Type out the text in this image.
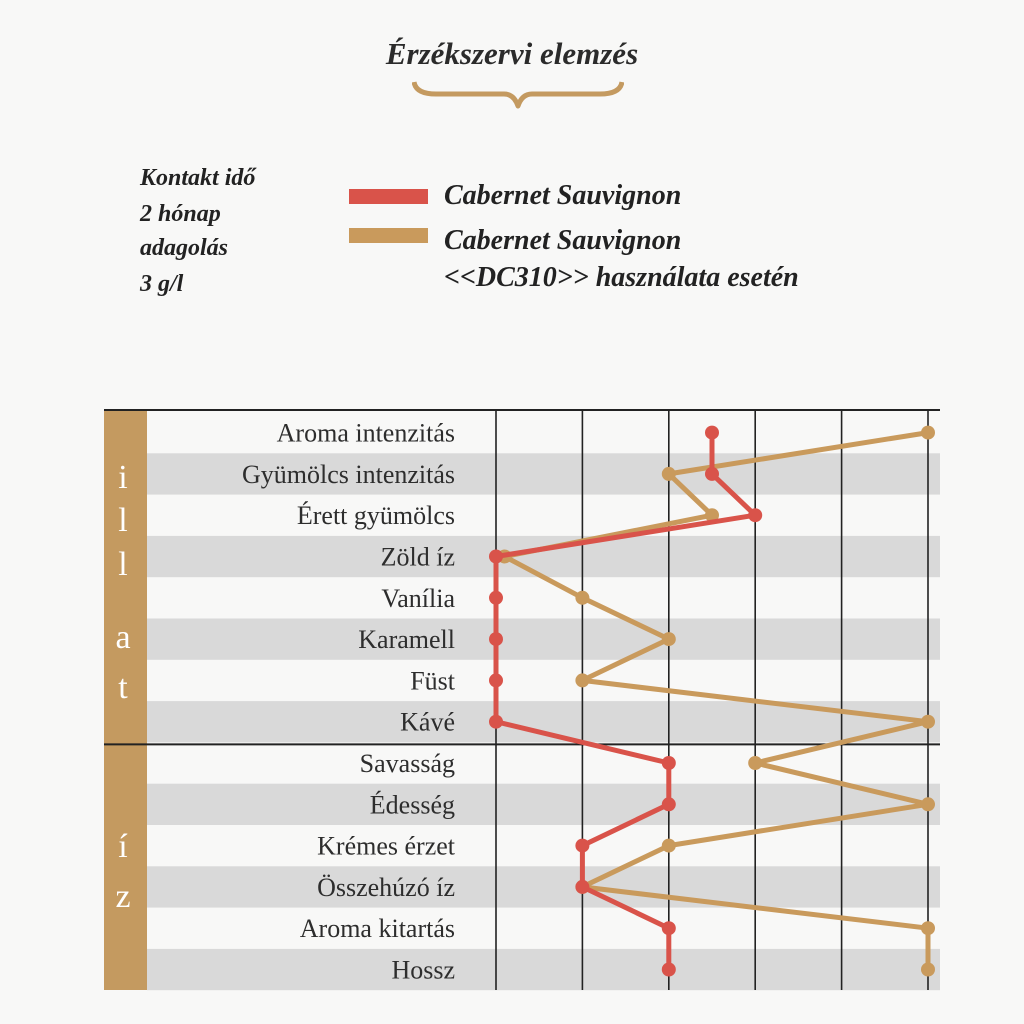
Érzékszervi elemzés
Kontakt idő
2 hónap
adagolás
3 g/l
Cabernet Sauvignon
Cabernet Sauvignon
<<DC310>> használata esetén
i
l
l
a
t
í
z
Aroma intenzitás
Gyümölcs intenzitás
Érett gyümölcs
Zöld íz
Vanília
Karamell
Füst
Kávé
Savasság
Édesség
Krémes érzet
Összehúzó íz
Aroma kitartás
Hossz
